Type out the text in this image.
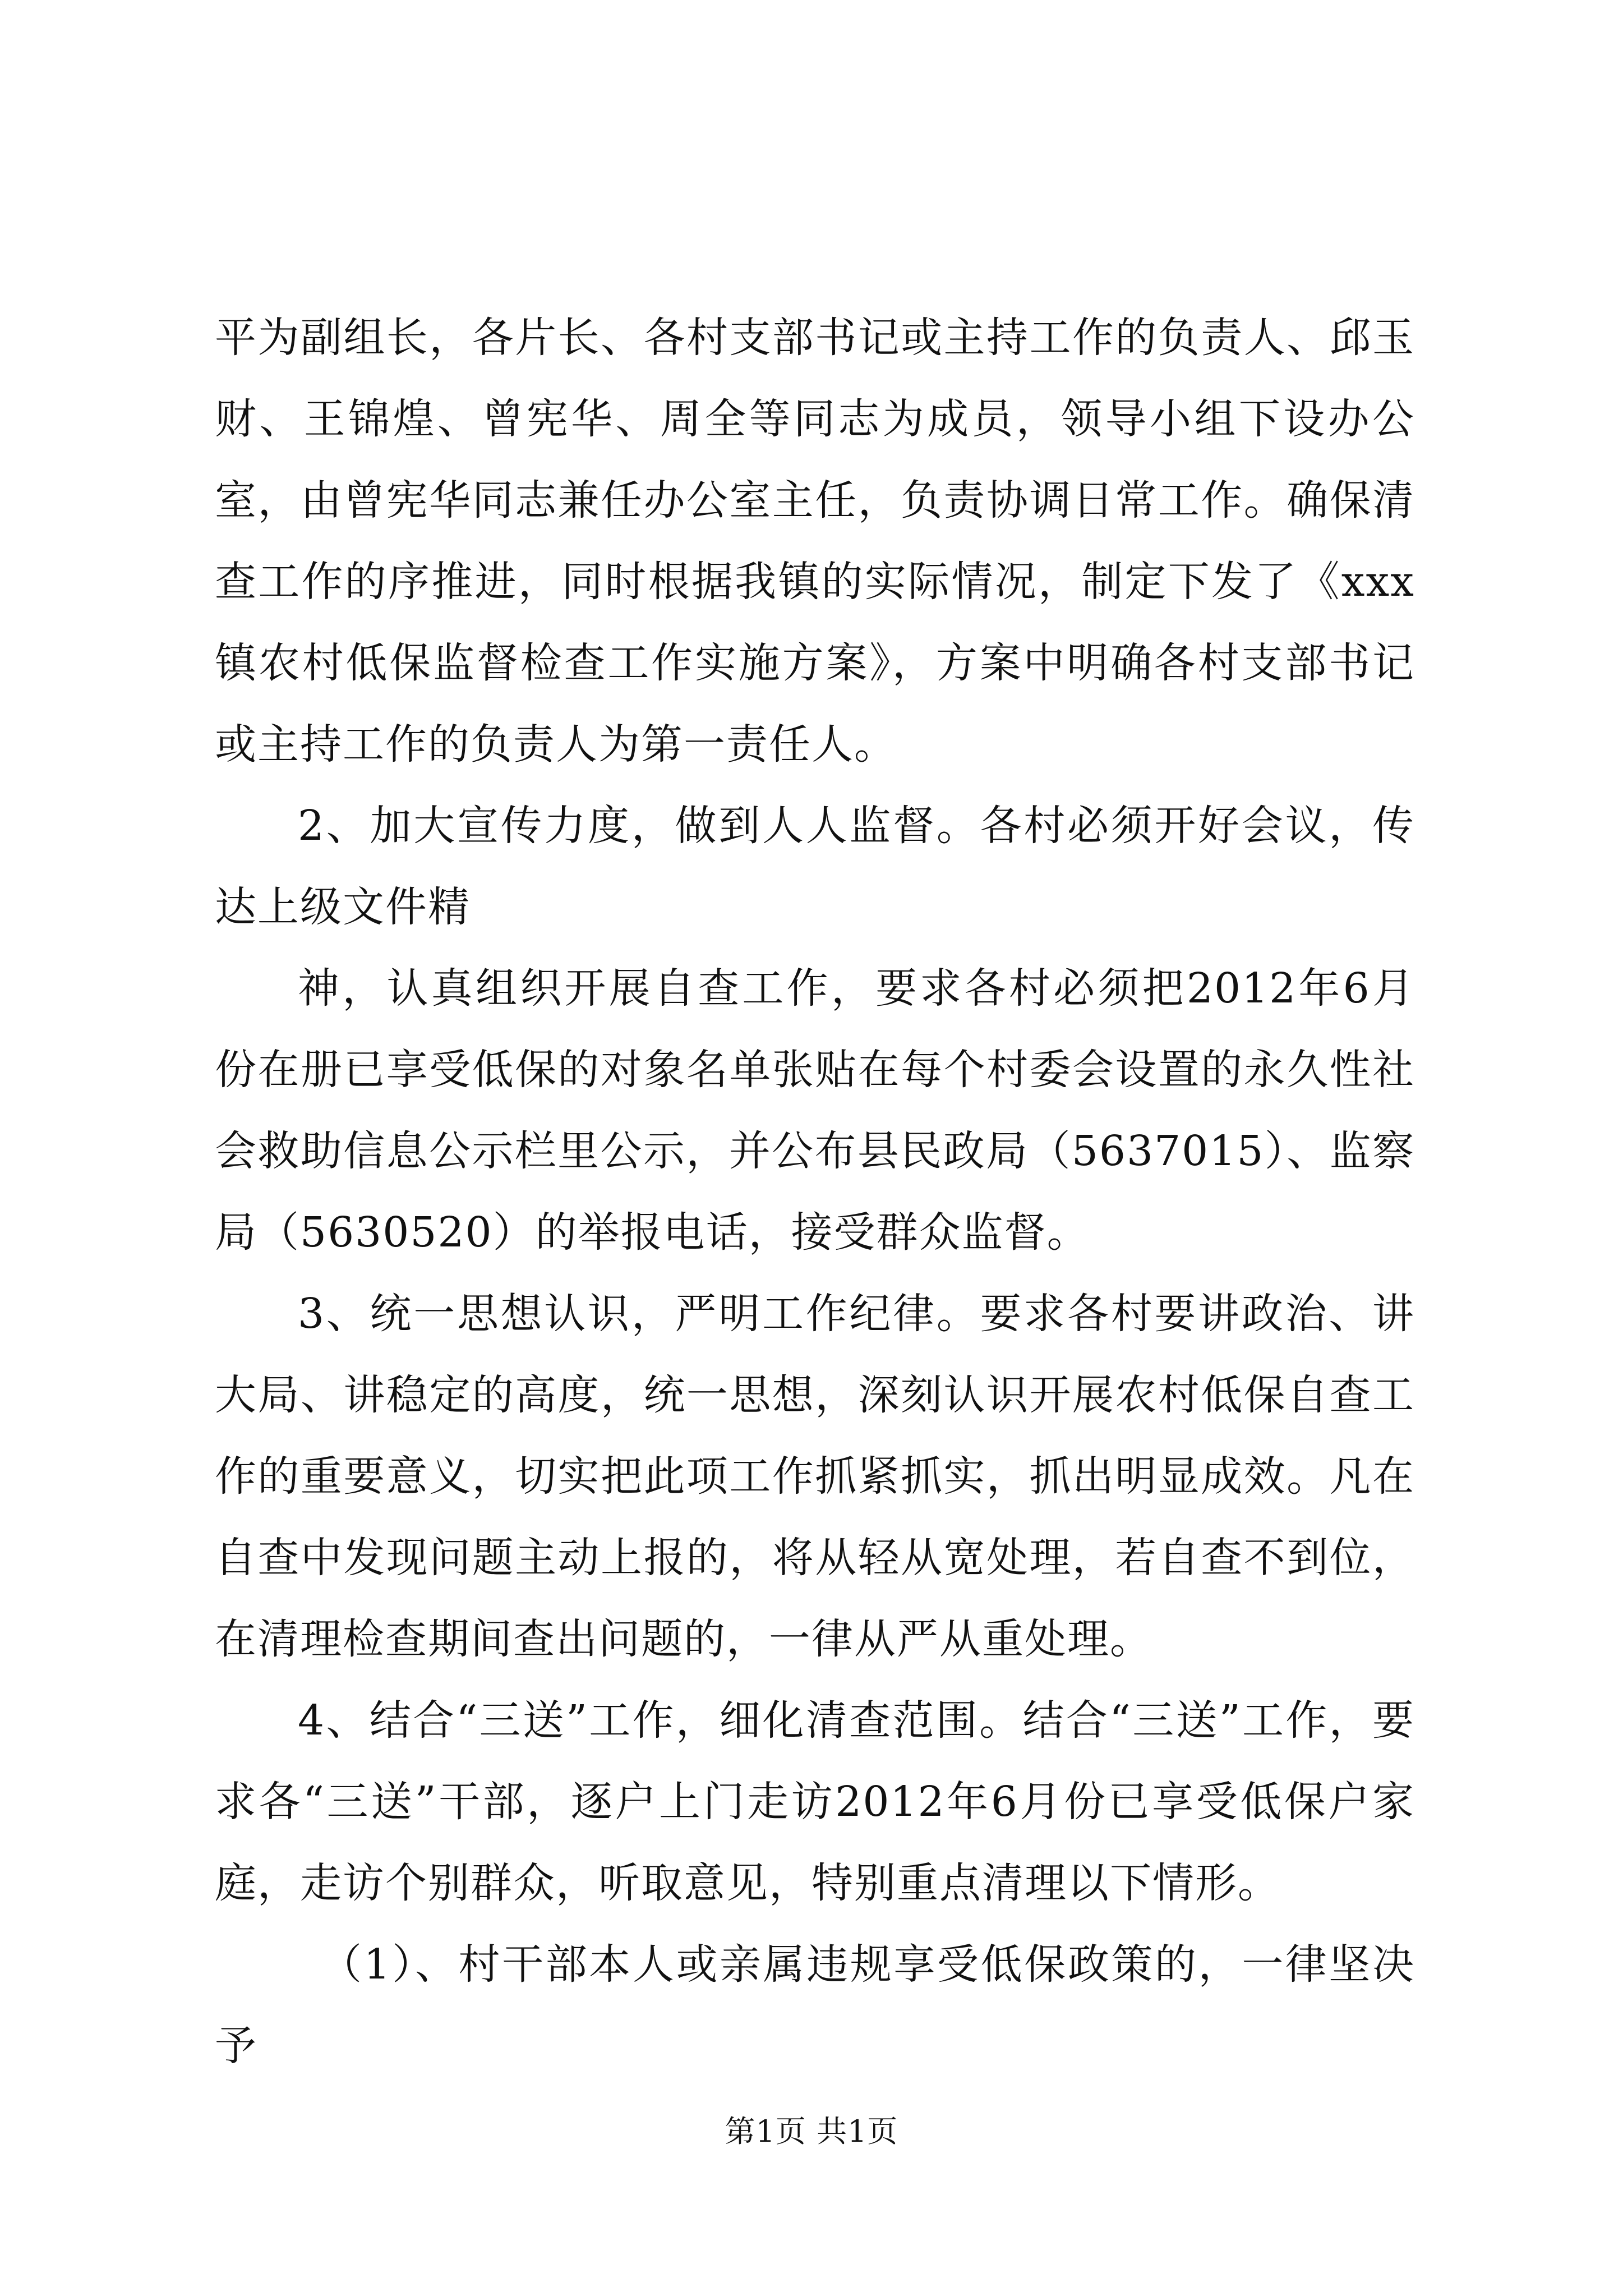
平为副组长，各片长、各村支部书记或主持工作的负责人、邱玉财、王锦煌、曾宪华、周全等同志为成员，领导小组下设办公室，由曾宪华同志兼任办公室主任，负责协调日常工作。确保清查工作的序推进，同时根据我镇的实际情况，制定下发了《xxx镇农村低保监督检查工作实施方案》，方案中明确各村支部书记或主持工作的负责人为第一责任人。

2、加大宣传力度，做到人人监督。各村必须开好会议，传达上级文件精

神，认真组织开展自查工作，要求各村必须把2012年6月份在册已享受低保的对象名单张贴在每个村委会设置的永久性社会救助信息公示栏里公示，并公布县民政局（5637015）、监察局（5630520）的举报电话，接受群众监督。

3、统一思想认识，严明工作纪律。要求各村要讲政治、讲大局、讲稳定的高度，统一思想，深刻认识开展农村低保自查工作的重要意义，切实把此项工作抓紧抓实，抓出明显成效。凡在自查中发现问题主动上报的，将从轻从宽处理，若自查不到位，在清理检查期间查出问题的，一律从严从重处理。

4、结合“三送”工作，细化清查范围。结合“三送”工作，要求各“三送”干部，逐户上门走访2012年6月份已享受低保户家庭，走访个别群众，听取意见，特别重点清理以下情形。

（1）、村干部本人或亲属违规享受低保政策的，一律坚决予

第1页 共1页
